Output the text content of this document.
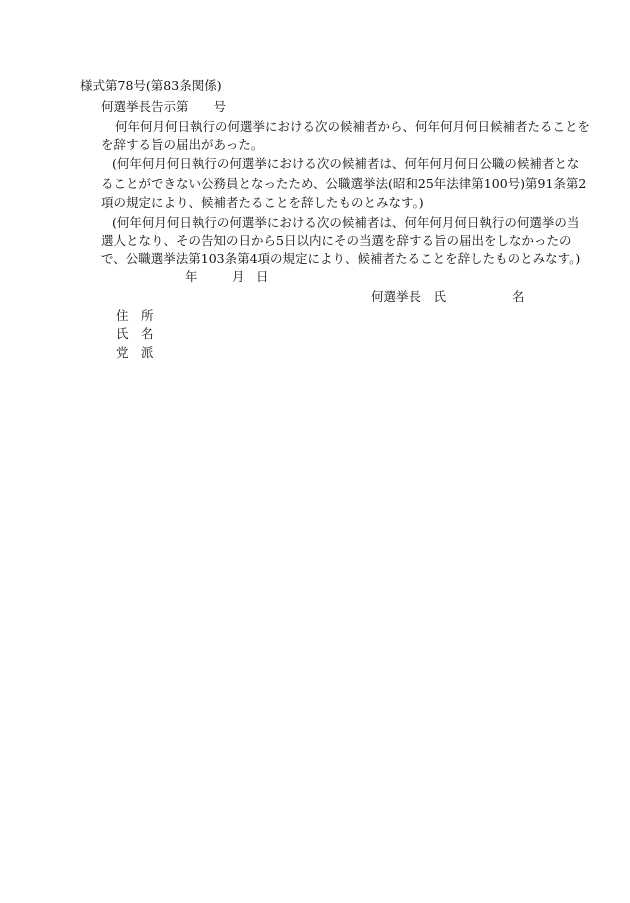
様式第78号(第83条関係)
何選挙長告示第　　号
何年何月何日執行の何選挙における次の候補者から、何年何月何日候補者たることを
を辞する旨の届出があった。
(何年何月何日執行の何選挙における次の候補者は、何年何月何日公職の候補者とな
ることができない公務員となったため、公職選挙法(昭和25年法律第100号)第91条第2
項の規定により、候補者たることを辞したものとみなす。)
(何年何月何日執行の何選挙における次の候補者は、何年何月何日執行の何選挙の当
選人となり、その告知の日から5日以内にその当選を辞する旨の届出をしなかったの
で、公職選挙法第103条第4項の規定により、候補者たることを辞したものとみなす。)
年	月 日
何選挙長　氏	名
住　所
氏　名
党　派
